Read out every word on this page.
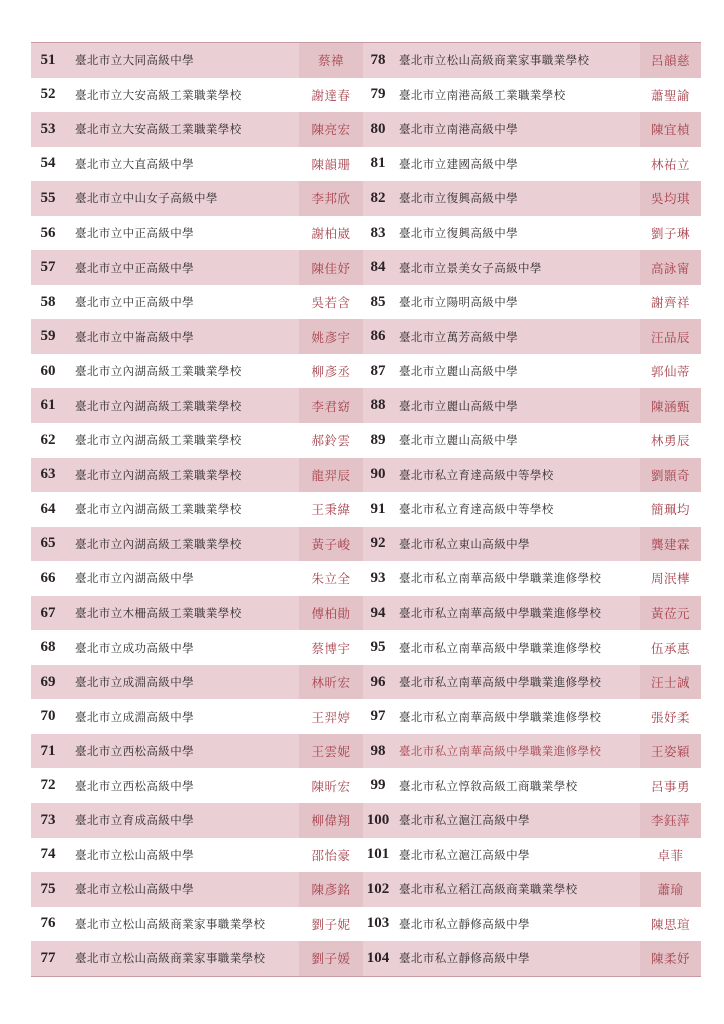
51	臺北市立大同高級中學	蔡禕	78	臺北市立松山高級商業家事職業學校	呂韻慈
52	臺北市立大安高級工業職業學校	謝達春	79	臺北市立南港高級工業職業學校	蕭聖諭
53	臺北市立大安高級工業職業學校	陳亮宏	80	臺北市立南港高級中學	陳宜楨
54	臺北市立大直高級中學	陳韻珊	81	臺北市立建國高級中學	林祐立
55	臺北市立中山女子高級中學	李邦欣	82	臺北市立復興高級中學	吳均琪
56	臺北市立中正高級中學	謝柏崴	83	臺北市立復興高級中學	劉子琳
57	臺北市立中正高級中學	陳佳妤	84	臺北市立景美女子高級中學	高詠甯
58	臺北市立中正高級中學	吳若含	85	臺北市立陽明高級中學	謝齊祥
59	臺北市立中崙高級中學	姚彥宇	86	臺北市立萬芳高級中學	汪品辰
60	臺北市立內湖高級工業職業學校	柳彥丞	87	臺北市立麗山高級中學	郭仙蒂
61	臺北市立內湖高級工業職業學校	李君窈	88	臺北市立麗山高級中學	陳涵甄
62	臺北市立內湖高級工業職業學校	郝鈴雲	89	臺北市立麗山高級中學	林勇辰
63	臺北市立內湖高級工業職業學校	龍羿辰	90	臺北市私立育達高級中等學校	劉顥奇
64	臺北市立內湖高級工業職業學校	王秉緯	91	臺北市私立育達高級中等學校	簡珮均
65	臺北市立內湖高級工業職業學校	黃子峻	92	臺北市私立東山高級中學	龔建霖
66	臺北市立內湖高級中學	朱立全	93	臺北市私立南華高級中學職業進修學校	周泯樺
67	臺北市立木柵高級工業職業學校	傅柏勛	94	臺北市私立南華高級中學職業進修學校	黃莅元
68	臺北市立成功高級中學	蔡博宇	95	臺北市私立南華高級中學職業進修學校	伍承惠
69	臺北市立成淵高級中學	林昕宏	96	臺北市私立南華高級中學職業進修學校	汪士誠
70	臺北市立成淵高級中學	王羿婷	97	臺北市私立南華高級中學職業進修學校	張妤柔
71	臺北市立西松高級中學	王雲妮	98	臺北市私立南華高級中學職業進修學校	王姿穎
72	臺北市立西松高級中學	陳昕宏	99	臺北市私立惇敘高級工商職業學校	呂事勇
73	臺北市立育成高級中學	柳偉翔	100 臺北市私立滬江高級中學	李鈺萍
74	臺北市立松山高級中學	邵怡豪	101 臺北市私立滬江高級中學	卓菲
75	臺北市立松山高級中學	陳彥銘	102 臺北市私立稻江高級商業職業學校	蕭瑜
76	臺北市立松山高級商業家事職業學校	劉子妮	103 臺北市私立靜修高級中學	陳思瑄
77	臺北市立松山高級商業家事職業學校	劉子媛	104 臺北市私立靜修高級中學	陳柔妤
